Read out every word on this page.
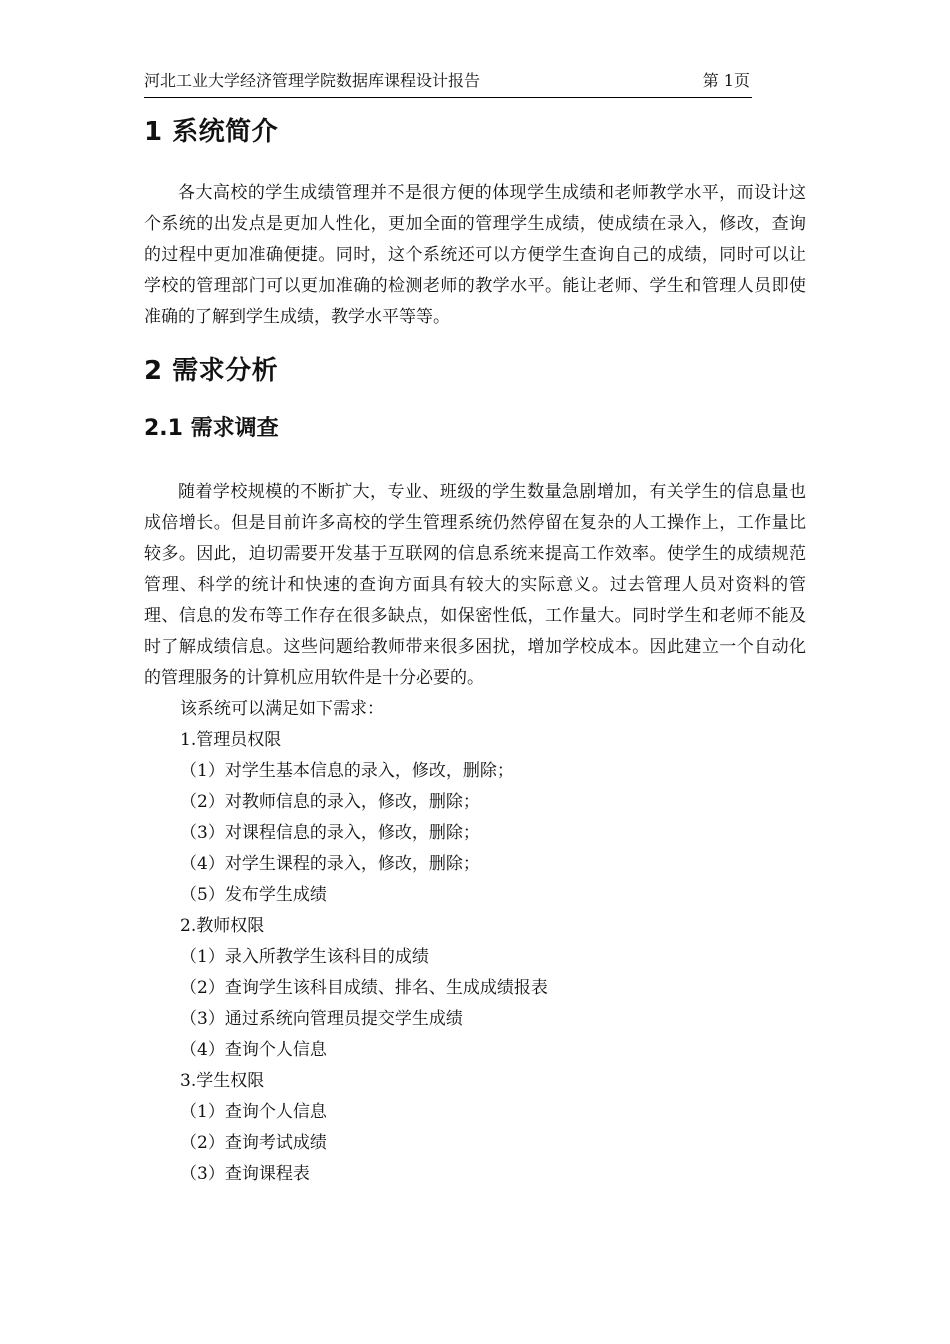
河北工业大学经济管理学院数据库课程设计报告	第 1页
1 系统简介

各大高校的学生成绩管理并不是很方便的体现学生成绩和老师教学水平，而设计这个系统的出发点是更加人性化，更加全面的管理学生成绩，使成绩在录入，修改，查询的过程中更加准确便捷。同时，这个系统还可以方便学生查询自己的成绩，同时可以让学校的管理部门可以更加准确的检测老师的教学水平。能让老师、学生和管理人员即使准确的了解到学生成绩，教学水平等等。

2 需求分析
2.1 需求调查

随着学校规模的不断扩大，专业、班级的学生数量急剧增加，有关学生的信息量也成倍增长。但是目前许多高校的学生管理系统仍然停留在复杂的人工操作上，工作量比较多。因此，迫切需要开发基于互联网的信息系统来提高工作效率。使学生的成绩规范管理、科学的统计和快速的查询方面具有较大的实际意义。过去管理人员对资料的管理、信息的发布等工作存在很多缺点，如保密性低，工作量大。同时学生和老师不能及时了解成绩信息。这些问题给教师带来很多困扰，增加学校成本。因此建立一个自动化的管理服务的计算机应用软件是十分必要的。

该系统可以满足如下需求：

1.管理员权限

（1）对学生基本信息的录入，修改，删除；

（2）对教师信息的录入，修改，删除；

（3）对课程信息的录入，修改，删除；

（4）对学生课程的录入，修改，删除；

（5）发布学生成绩

2.教师权限

（1）录入所教学生该科目的成绩

（2）查询学生该科目成绩、排名、生成成绩报表

（3）通过系统向管理员提交学生成绩

（4）查询个人信息

3.学生权限

（1）查询个人信息

（2）查询考试成绩

（3）查询课程表
